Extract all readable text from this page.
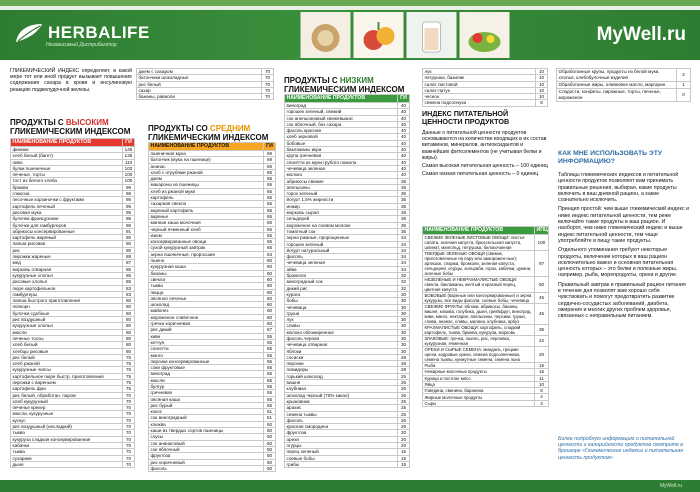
HERBALIFE
Независимый Дистрибьютор	MyWell.ru

ГЛИКЕМИЧЕСКИЙ ИНДЕКС определяет, в какой мере тот или иной продукт вызывает повышение содержания сахара в крови и инсулиновую реакцию поджелудочной железы.

джем с сахаром	70
батончики шоколадные	70
рис белый	70
сахар	70
бананы, равиоли	70
ПРОДУКТЫ С ВЫСОКИМ
ГЛИКЕМИЧЕСКИМ ИНДЕКСОМ
НАИМЕНОВАНИЕ ПРОДУКТОВ	ГИ
финики	146
хлеб белый (багет)	136
пиво	110
булки пшеничные	103
печенье, торты	100
тост из белого хлеба	100
брюква	99
глюкоза	96
песочные корзиночки с фруктами	95
картофель печеный	95
рисовая мука	95
булочки французские	95
булочки для гамбургеров	95
абрикосы консервированные	91
картофель жареный	90
лапша рисовая	90
рис	90
пирожки жареные	88
мед	87
морковь отварная	85
кукурузные хлопья	85
рисовые хлопья	85
пюре картофельное	83
гамбургеры	83
лапша быстрого приготовления	80
попкорн	80
булочки сдобные	80
рис воздушный	80
кукурузные хлопья	80
мюсли	80
печенье тоссы	80
хлеб белый	80
хлебцы рисовые	80
рис белый	75
хлеб ржаной	75
кукурузные чипсы	75
картофельное пюре быстр. приготовления	75
пирожки с вареньем	75
картофель фри	75
рис белый, обработан. паром	70
хлеб кукурузный	70
печенье крекер	70
мюсли, кукурузные	70
кускус	70
рис воздушный (несладкий)	70
тыква	70
кукуруза сладкая консервированная	70
кабачки	70
тыква	70
сухарики	70
дыня	70
ПРОДУКТЫ СО СРЕДНИМ
ГЛИКЕМИЧЕСКИМ ИНДЕКСОМ
НАИМЕНОВАНИЕ ПРОДУКТОВ	ГИ
пшеничная мука	69
батончик (мука на пшенице)	69
ананас	66
хлеб с отрубями ржаной	65
джем	65
макароны из пшеницы	65
хлеб из ржаной муки	65
картофель	65
сахарная свекла	65
вареный картофель	65
варенье	65
манная каша молочная	65
черный ячменный хлеб	65
изюм	65
консервированные овощи	65
сухой кукурузный завтрак	65
зерна пшеничные, проросшие	63
пшено	60
кукурузная каша	60
бананы	60
свекла	60
тыква	60
пицца	60
овсяное печенье	60
шоколад	60
майонез	60
мороженое сливочное	60
гречка коричневая	60
рис дикий	57
киви	55
кетчуп	55
спагетти	55
манго	55
персики консервированные	55
соки фруктовые	55
виноград	55
мюсли	55
булгур	55
гречневая	55
овсяная каша	55
рис бурый	55
кокос	51
сок виноградный	51
клюква	50
каши из твердых сортов пшеницы	50
соусы	50
сок ананасовый	50
сок яблочный	50
фруктоза	50
рис коричневый	50
фасоль	50
ПРОДУКТЫ С НИЗКИМ
ГЛИКЕМИЧЕСКИМ ИНДЕКСОМ
НАИМЕНОВАНИЕ ПРОДУКТОВ	ГИ
виноград	40
горошек зеленый, свежий	40
сок апельсиновый свежевыжат.	40
сок яблочный, без сахара	40
фасоль красная	40
хлеб зерновой	40
бобовые	40
баклажаны икра	40
крупа гречневая	40
спагетти из муки грубого помола	40
чечевица зеленая	40
молоко	40
абрикосы свежие	35
апельсины	35
горох зеленый	35
йогурт 1,5% жирности	35
инжир	35
морковь сырая	35
сельдерей	35
мороженое на соевом молоке	35
томатный сок	35
зерна ржаные, пророщенные	34
горошек зеленый	34
йогурт натуральный	34
фасоль	34
чечевица зеленая	34
айва	34
брокколи	32
виноградный сок	32
дикий рис	32
курага	30
бобы	30
чечевица	30
груши	30
лук	30
сливы	30
молоко обезжиренное	30
фасоль черная	30
чечевица отварная	30
яблоки	30
сосиски	28
персики	28
помидоры	28
горький шоколад	25
вишня	25
клубника	25
шоколад черный (70% какао)	25
крыжовник	25
арахис	25
семена тыквы	25
фасоль	25
красная смородина	25
фруктоза	20
орехи	20
огурцы	20
перец зеленый	15
соевые бобы	15
грибы	15
лук	10
петрушка, базилик	10
салат листовой	10
салат-латук	10
чеснок	10
семена подсолнуха	8
ИНДЕКС ПИТАТЕЛЬНОЙ ЦЕННОСТИ ПРОДУКТОВ

Данные о питательной ценности продуктов основываются на количестве входящих в их состав витаминов, минералов, антиоксидантов и важнейших фитоэлементов (не учитывая белки и жиры).

Самая высокая питательная ценность – 100 единиц

Самая низкая питательная ценность – 0 единиц

НАИМЕНОВАНИЕ ПРОДУКТОВ	ИПЦ
СВЕЖИЕ ЗЕЛЕНЫЕ ЛИСТОВЫЕ ОВОЩИ: листья салата, зеленая капуста, брюссельская капуста, шпинат, мангольд, петрушка, белокочанная	100
ТВЕРДЫЕ ЗЕЛЕНЫЕ ОВОЩИ (свежие, приготовленные на пару или заморожен-ные): артишок, спаржа, брокколи, зеленая капуста, сельдерей, огурцы, кольраби, горох, кабачки, цукини, зеленые бобы	97
НЕЗЕЛЕНЫЕ И НЕКРАХМАЛИСТЫЕ ОВОЩИ: свекла, баклажаны, желтый и красный перец, цветная капуста	50
БОБОВЫЕ (вареные или консервированные) и зерна кукурузы, все виды фасоли, соевые бобы, чечевица	45
СВЕЖИЕ ФРУКТЫ: яблоки, абрикосы, бананы, вишня, клюква, голубика, дыня, грейпфрут, виноград, киви, манго, нектарин, апельсины, персики, груши, слива, ананас, сливы, малина, клубника, арбуз	45
КРАХМАЛИСТЫЕ ОВОЩИ: картофель, сладкий картофель, тыква, брюква, кукуруза, морковь	35
ЗЛАКОВЫЕ: гречка, пшено, рис, перловка, кукурузная, ячменная	22
ОРЕХИ И СЫРЫЕ СЕМЕНА: миндаль, грецкие орехи, кедровые орехи, семена подсолнечника, семена тыквы, кунжутные семена, семена льна	20
Рыба	15
Нежирные молочные продукты	15
Курица и постное мясо	11
Яйца	10
Говядина, свинина, баранина	8
Жирные молочные продукты	4
Сыры	3
Обработанные крупы, продукты из белой муки, хлопья, хлебобулочные изделия	2
Обработанные жиры, оливковое масло, маргарин	1
Сладости, конфеты, пирожные, торты, печенье, мороженое	0
КАК МНЕ ИСПОЛЬЗОВАТЬ ЭТУ ИНФОРМАЦИЮ?

Таблицы гликемических индексов и питательной ценности продуктов позволяют вам принимать правильные решения, выбирая, какие продукты включить в ваш дневной рацион, а какие сознательно исключить.

Принцип простой: чем выше гликемический индекс и ниже индекс питательной ценности, тем реже включайте такие продукты в ваш рацион. И наоборот, чем ниже гликемический индекс и выше индекс питательной ценности, тем чаще употребляйте в пищу такие продукты.

Отдельного упоминания требуют некоторые продукты, включение которых в ваш рацион исключительно важно и основная питательная ценность которых – это белки и полезные жиры, например, рыба, морепродукты, орехи и другие.

Правильный завтрак и правильный рацион питания в течение дня позволят вам хорошо себя чувствовать и помогут предотвратить развитие сердечно-сосудистых заболеваний, диабета, ожирения и многих других проблем здоровья, связанных с неправильным питанием.

Более подробную информацию о питательной ценности и калорийности продуктов смотрите в брошюре «Гликемические индексы и питательная ценность продуктов»
MyWell.ru
